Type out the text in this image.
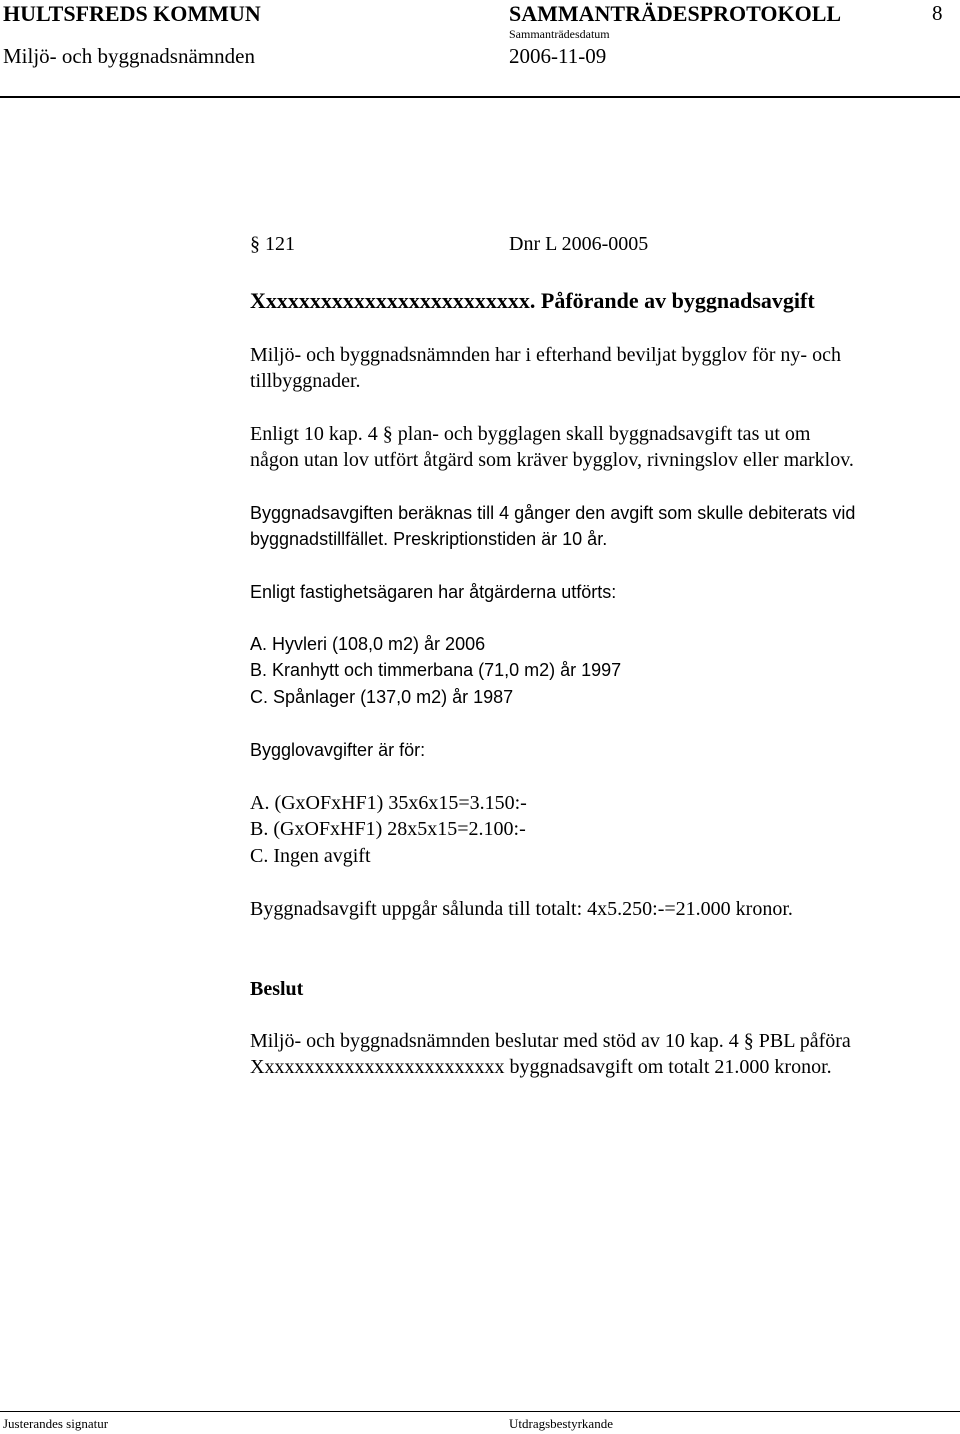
HULTSFREDS KOMMUN	SAMMANTRÄDESPROTOKOLL	8
Sammanträdesdatum
Miljö- och byggnadsnämnden	2006-11-09
§ 121	Dnr L 2006-0005
Xxxxxxxxxxxxxxxxxxxxxxxxx. Påförande av byggnadsavgift
Miljö- och byggnadsnämnden har i efterhand beviljat bygglov för ny- och
tillbyggnader.
Enligt 10 kap. 4 § plan- och bygglagen skall byggnadsavgift tas ut om
någon utan lov utfört åtgärd som kräver bygglov, rivningslov eller marklov.
Byggnadsavgiften beräknas till 4 gånger den avgift som skulle debiterats vid
byggnadstillfället. Preskriptionstiden är 10 år.
Enligt fastighetsägaren har åtgärderna utförts:
A. Hyvleri (108,0 m2) år 2006
B. Kranhytt och timmerbana (71,0 m2) år 1997
C. Spånlager (137,0 m2) år 1987
Bygglovavgifter är för:
A. (GxOFxHF1) 35x6x15=3.150:-
B. (GxOFxHF1) 28x5x15=2.100:-
C. Ingen avgift
Byggnadsavgift uppgår sålunda till totalt: 4x5.250:-=21.000 kronor.
Beslut
Miljö- och byggnadsnämnden beslutar med stöd av 10 kap. 4 § PBL påföra
Xxxxxxxxxxxxxxxxxxxxxxxxx byggnadsavgift om totalt 21.000 kronor.
Justerandes signatur	Utdragsbestyrkande
